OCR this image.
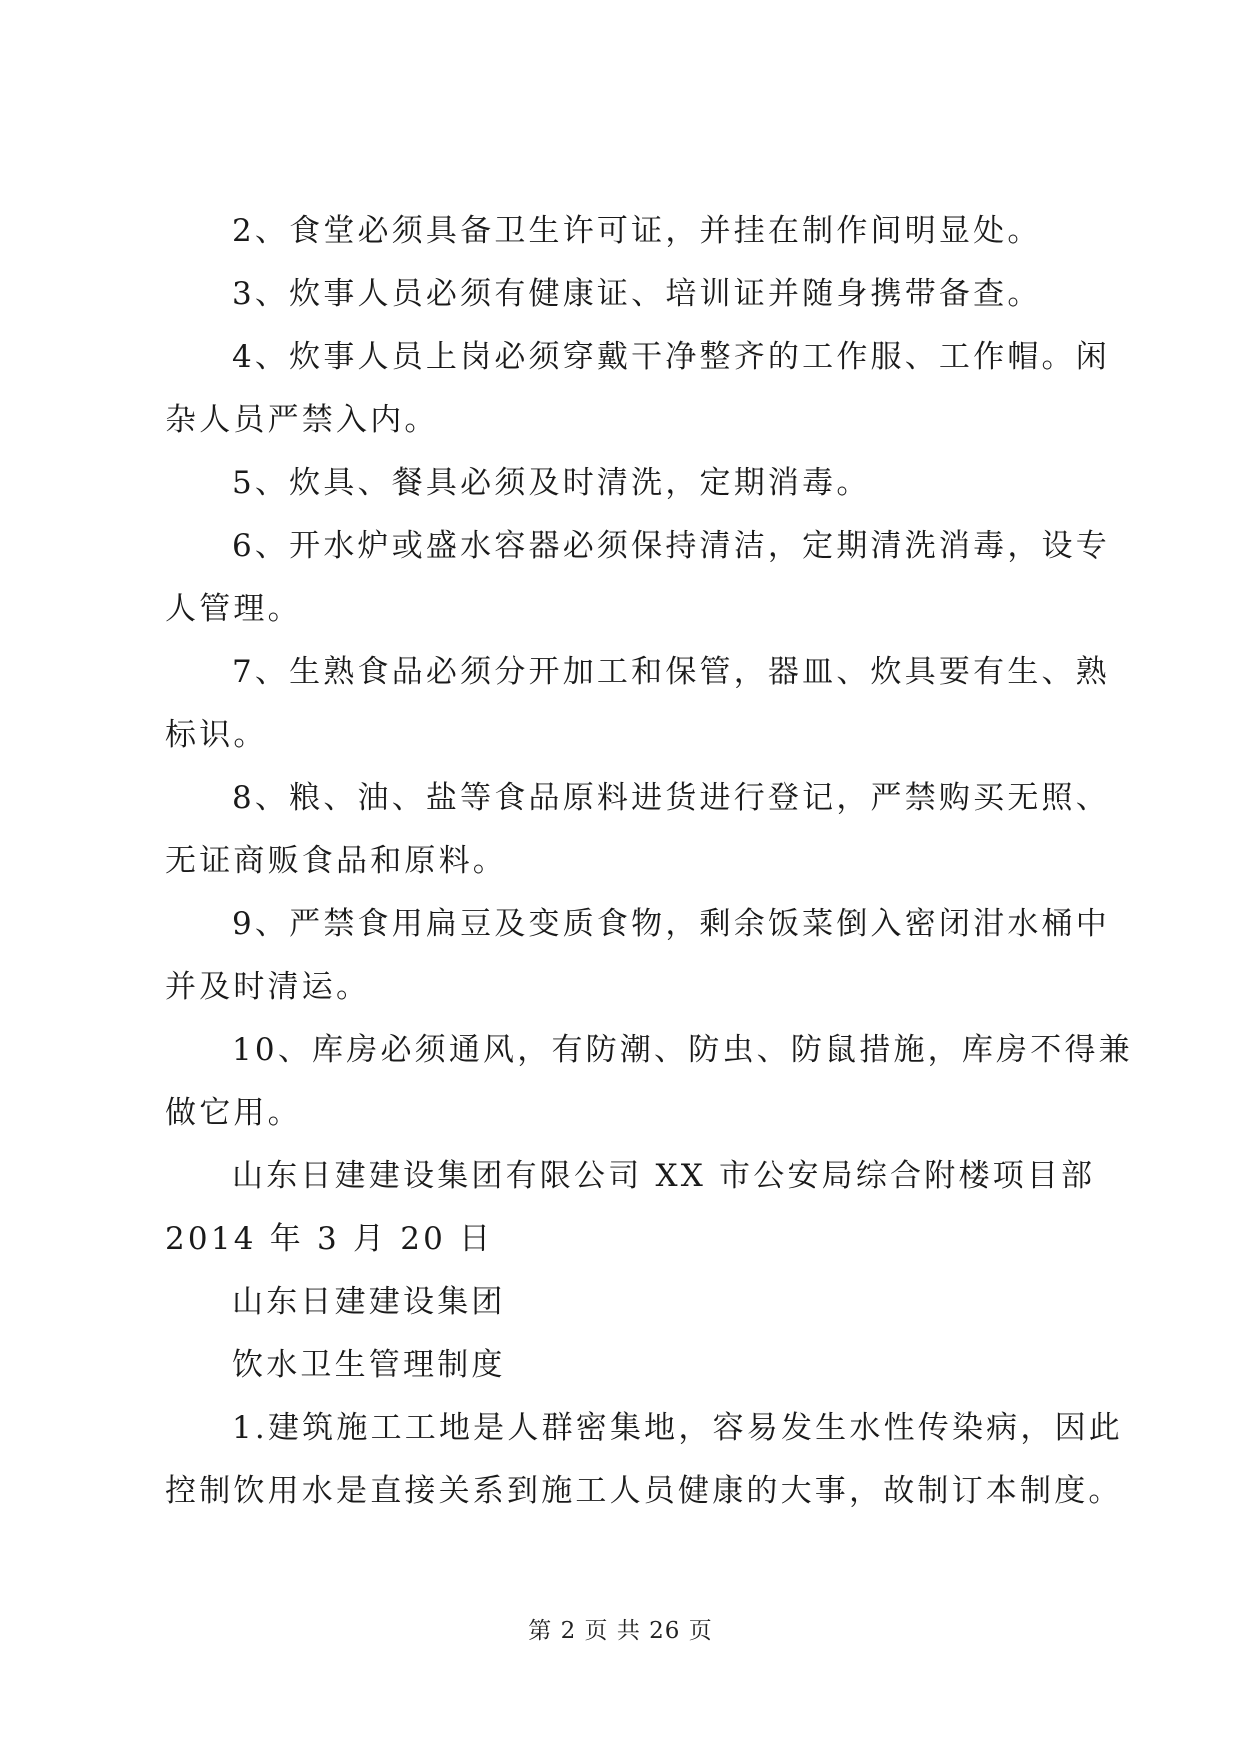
2、食堂必须具备卫生许可证，并挂在制作间明显处。
3、炊事人员必须有健康证、培训证并随身携带备查。
4、炊事人员上岗必须穿戴干净整齐的工作服、工作帽。闲
杂人员严禁入内。
5、炊具、餐具必须及时清洗，定期消毒。
6、开水炉或盛水容器必须保持清洁，定期清洗消毒，设专
人管理。
7、生熟食品必须分开加工和保管，器皿、炊具要有生、熟
标识。
8、粮、油、盐等食品原料进货进行登记，严禁购买无照、
无证商贩食品和原料。
9、严禁食用扁豆及变质食物，剩余饭菜倒入密闭泔水桶中
并及时清运。
10、库房必须通风，有防潮、防虫、防鼠措施，库房不得兼
做它用。
山东日建建设集团有限公司 XX 市公安局综合附楼项目部
2014 年 3 月 20 日
山东日建建设集团
饮水卫生管理制度
1.建筑施工工地是人群密集地，容易发生水性传染病，因此
控制饮用水是直接关系到施工人员健康的大事，故制订本制度。
第 2 页 共 26 页
